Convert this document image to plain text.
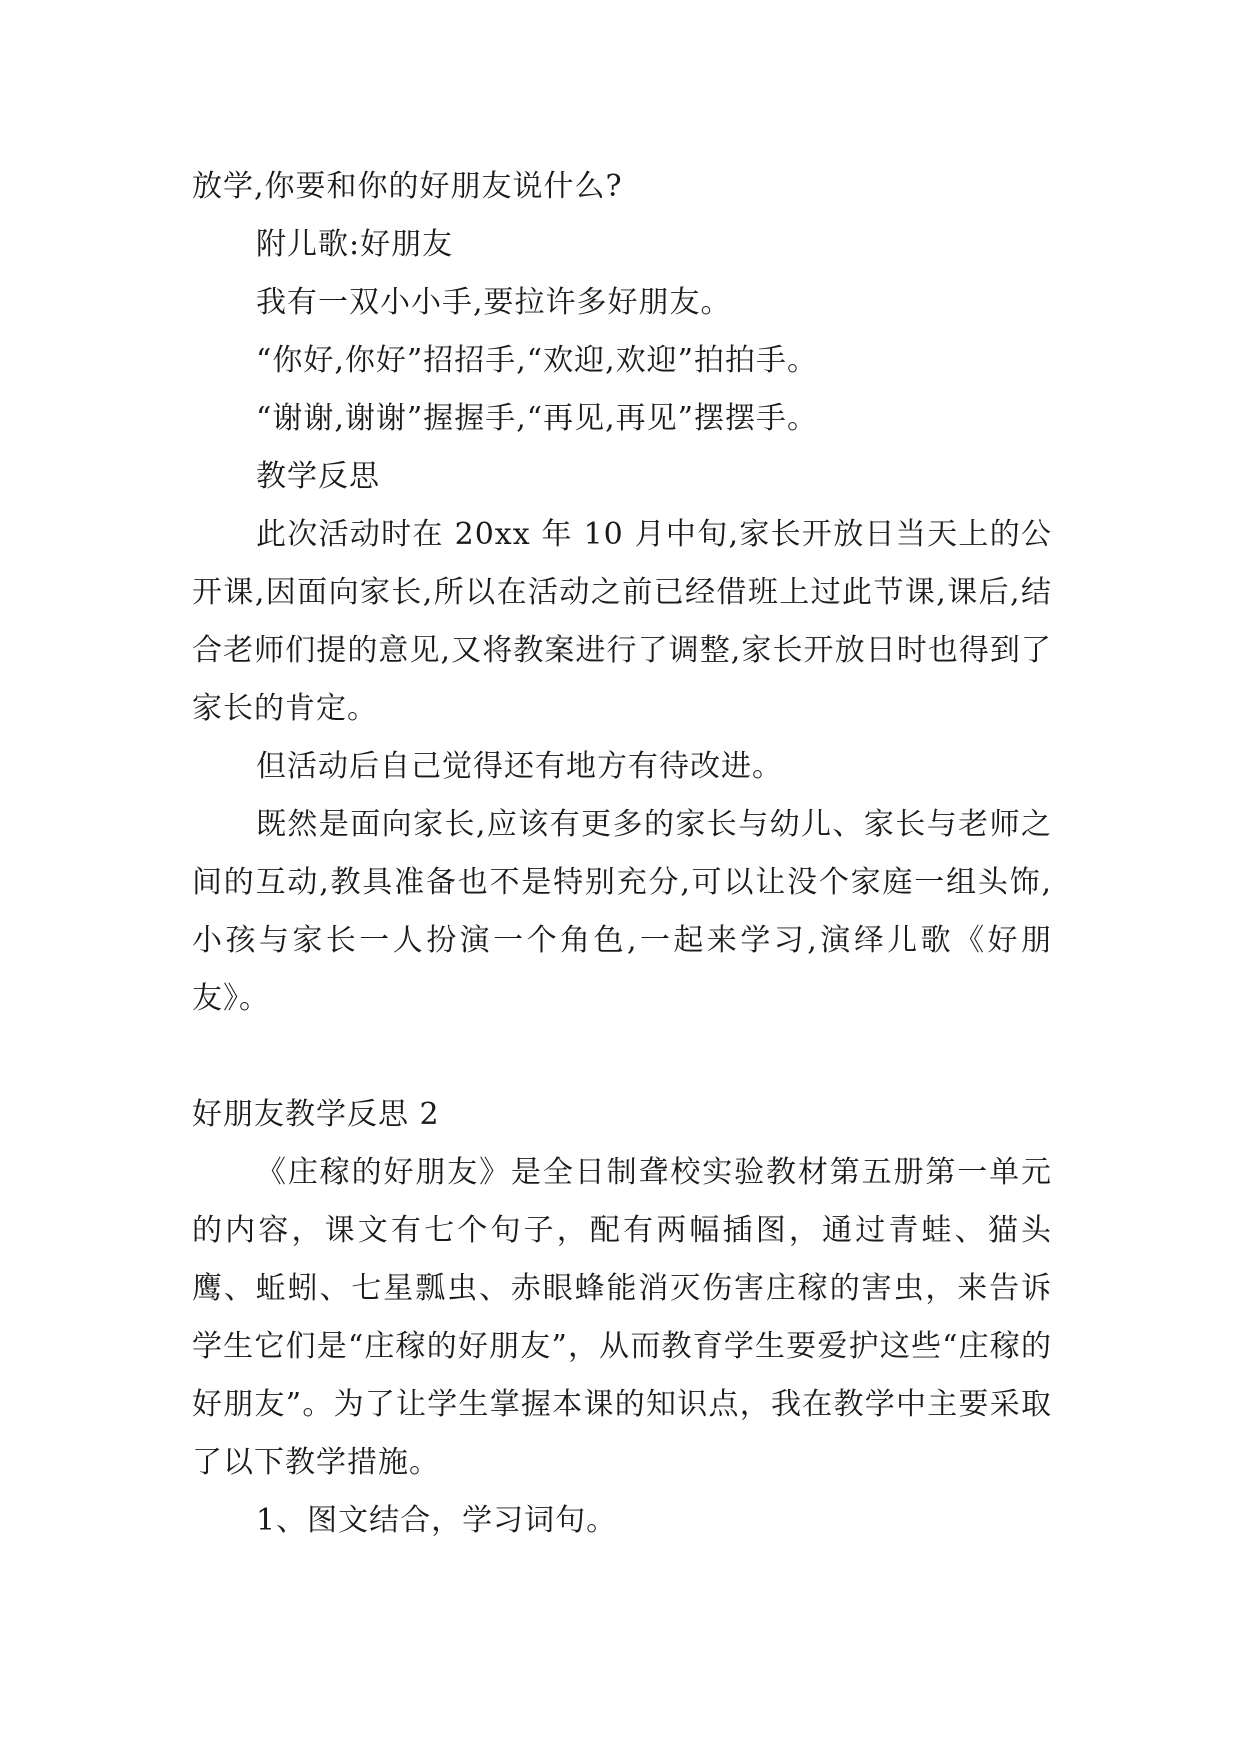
放学,你要和你的好朋友说什么?
附儿歌:好朋友
我有一双小小手,要拉许多好朋友。
“你好,你好”招招手,“欢迎,欢迎”拍拍手。
“谢谢,谢谢”握握手,“再见,再见”摆摆手。
教学反思

此次活动时在 20xx 年 10 月中旬,家长开放日当天上的公开课,因面向家长,所以在活动之前已经借班上过此节课,课后,结合老师们提的意见,又将教案进行了调整,家长开放日时也得到了家长的肯定。

但活动后自己觉得还有地方有待改进。

既然是面向家长,应该有更多的家长与幼儿、家长与老师之间的互动,教具准备也不是特别充分,可以让没个家庭一组头饰,小孩与家长一人扮演一个角色,一起来学习,演绎儿歌《好朋友》。

好朋友教学反思 2

《庄稼的好朋友》是全日制聋校实验教材第五册第一单元的内容，课文有七个句子，配有两幅插图，通过青蛙、猫头鹰、蚯蚓、七星瓢虫、赤眼蜂能消灭伤害庄稼的害虫，来告诉学生它们是“庄稼的好朋友”，从而教育学生要爱护这些“庄稼的好朋友”。为了让学生掌握本课的知识点，我在教学中主要采取了以下教学措施。

1、图文结合，学习词句。
